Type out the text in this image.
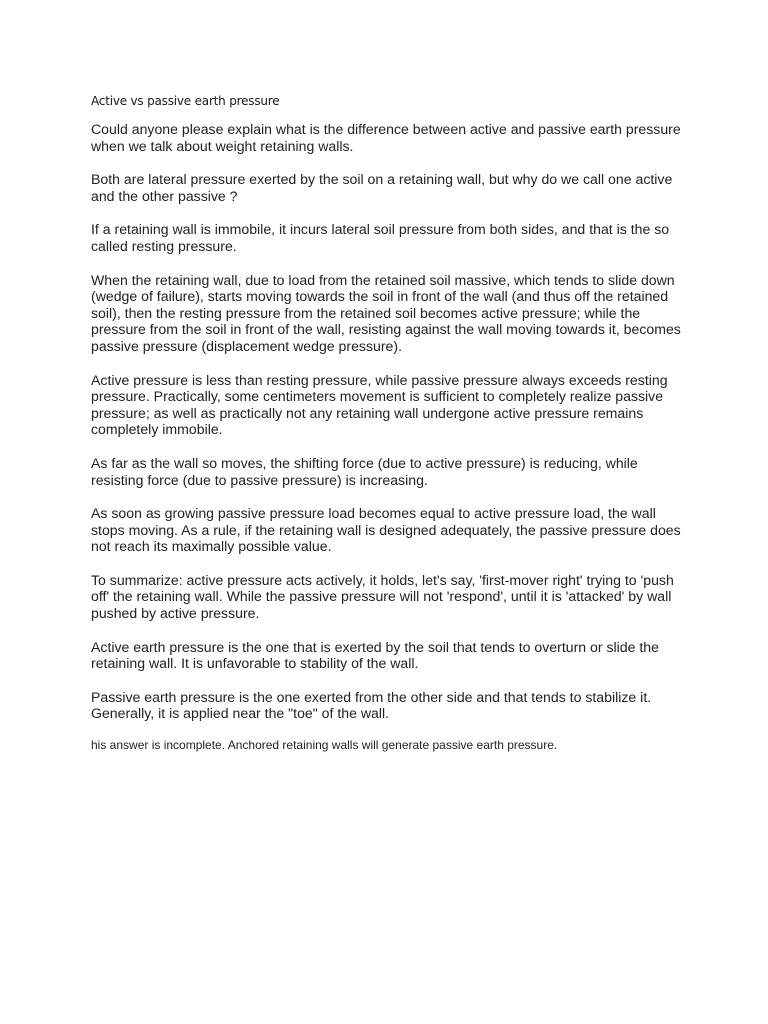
Active vs passive earth pressure

Could anyone please explain what is the difference between active and passive earth pressure when we talk about weight retaining walls.

Both are lateral pressure exerted by the soil on a retaining wall, but why do we call one active and the other passive ?

If a retaining wall is immobile, it incurs lateral soil pressure from both sides, and that is the so called resting pressure.

When the retaining wall, due to load from the retained soil massive, which tends to slide down (wedge of failure), starts moving towards the soil in front of the wall (and thus off the retained soil), then the resting pressure from the retained soil becomes active pressure; while the pressure from the soil in front of the wall, resisting against the wall moving towards it, becomes passive pressure (displacement wedge pressure).

Active pressure is less than resting pressure, while passive pressure always exceeds resting pressure. Practically, some centimeters movement is sufficient to completely realize passive pressure; as well as practically not any retaining wall undergone active pressure remains completely immobile.

As far as the wall so moves, the shifting force (due to active pressure) is reducing, while resisting force (due to passive pressure) is increasing.

As soon as growing passive pressure load becomes equal to active pressure load, the wall stops moving. As a rule, if the retaining wall is designed adequately, the passive pressure does not reach its maximally possible value.

To summarize: active pressure acts actively, it holds, let's say, 'first-mover right' trying to 'push off' the retaining wall. While the passive pressure will not 'respond', until it is 'attacked' by wall pushed by active pressure.

Active earth pressure is the one that is exerted by the soil that tends to overturn or slide the retaining wall. It is unfavorable to stability of the wall.

Passive earth pressure is the one exerted from the other side and that tends to stabilize it. Generally, it is applied near the "toe" of the wall.

his answer is incomplete. Anchored retaining walls will generate passive earth pressure.
